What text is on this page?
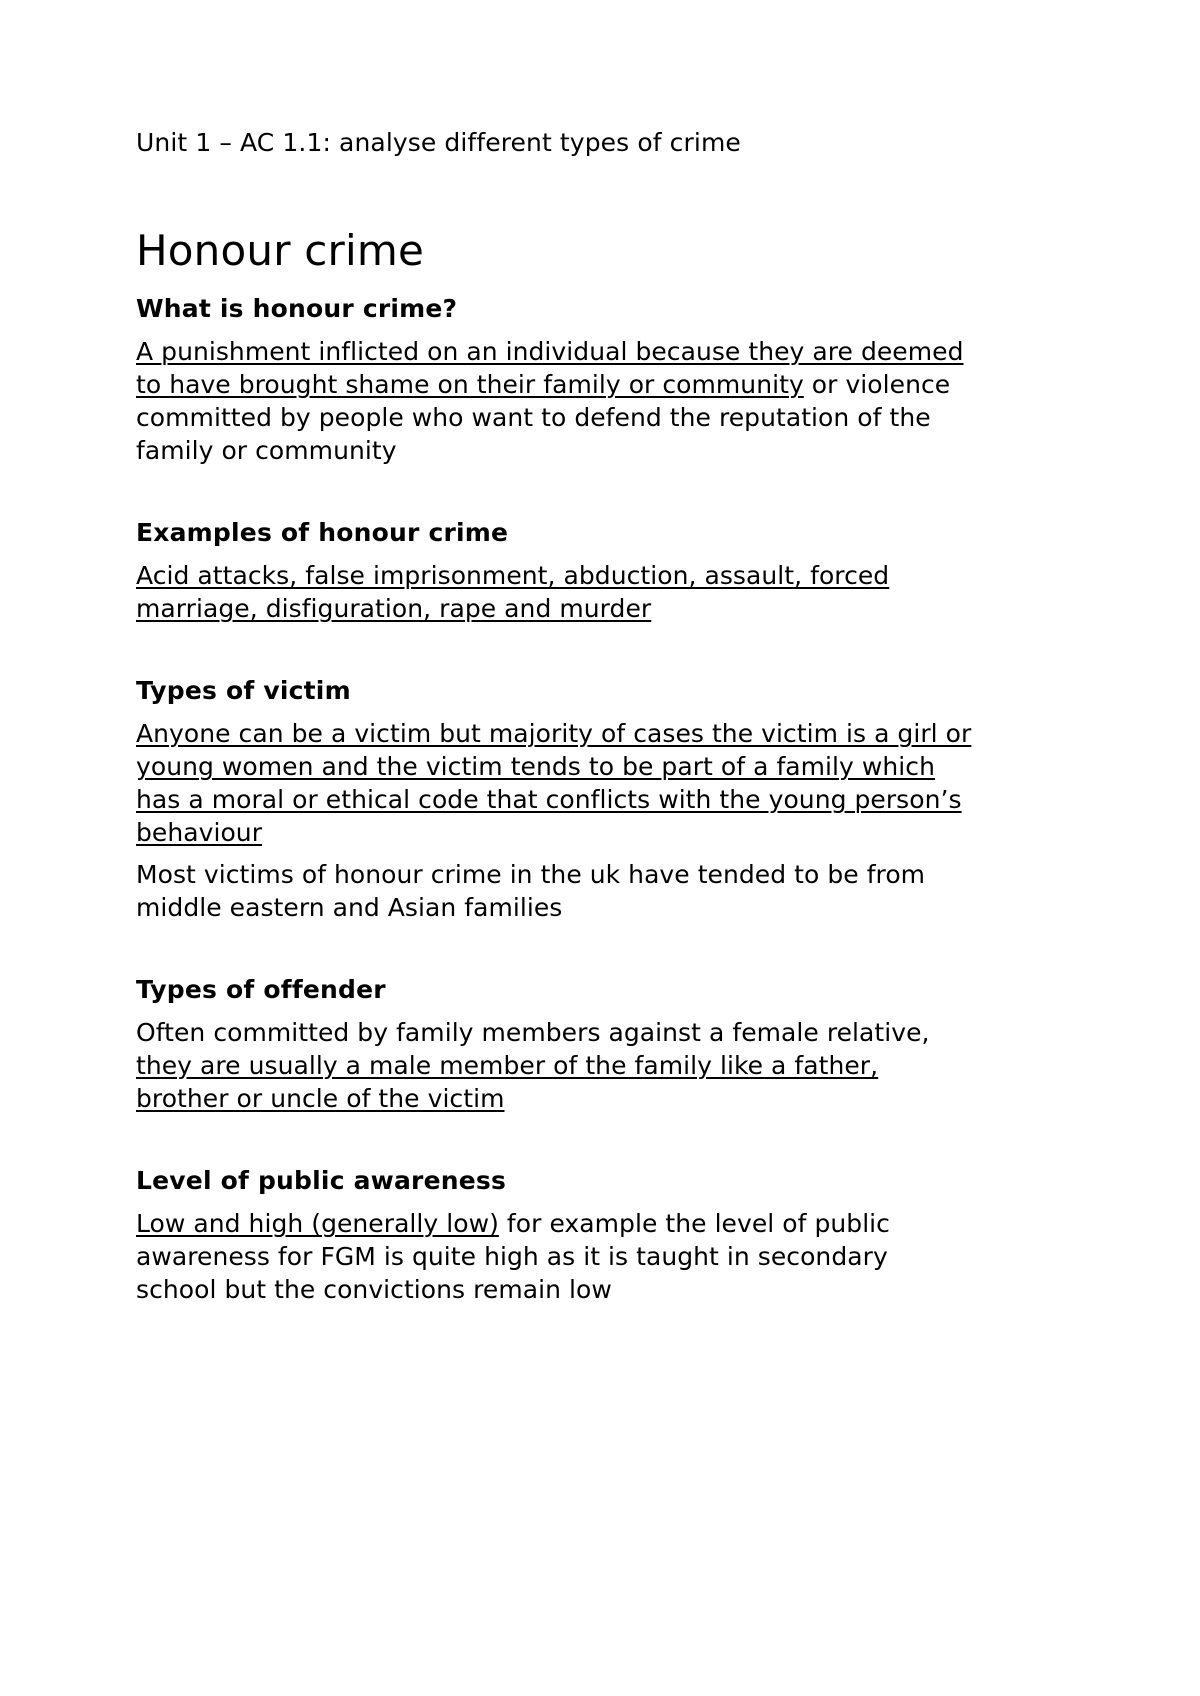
Unit 1 – AC 1.1: analyse different types of crime

Honour crime
What is honour crime?

A punishment inflicted on an individual because they are deemed to have brought shame on their family or community or violence committed by people who want to defend the reputation of the family or community

Examples of honour crime

Acid attacks, false imprisonment, abduction, assault, forced marriage, disfiguration, rape and murder

Types of victim

Anyone can be a victim but majority of cases the victim is a girl or young women and the victim tends to be part of a family which has a moral or ethical code that conflicts with the young person’s behaviour

Most victims of honour crime in the uk have tended to be from middle eastern and Asian families

Types of offender

Often committed by family members against a female relative, they are usually a male member of the family like a father, brother or uncle of the victim

Level of public awareness

Low and high (generally low) for example the level of public awareness for FGM is quite high as it is taught in secondary school but the convictions remain low
